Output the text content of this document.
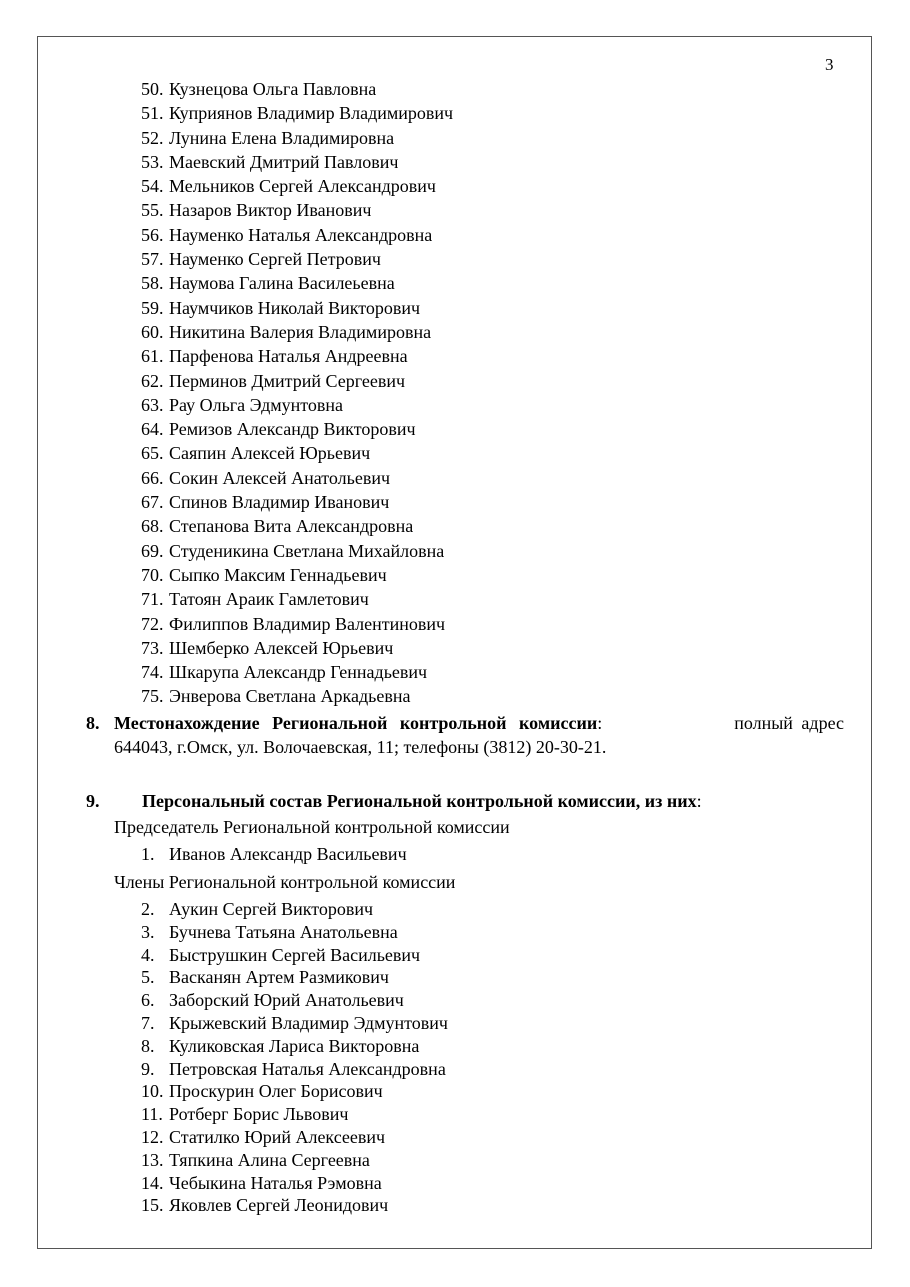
3
50. Кузнецова Ольга Павловна
51. Куприянов Владимир Владимирович
52. Лунина Елена Владимировна
53. Маевский Дмитрий Павлович
54. Мельников Сергей Александрович
55. Назаров Виктор Иванович
56. Науменко Наталья Александровна
57. Науменко Сергей Петрович
58. Наумова Галина Василеьевна
59. Наумчиков Николай Викторович
60. Никитина Валерия Владимировна
61. Парфенова Наталья Андреевна
62. Перминов Дмитрий Сергеевич
63. Рау Ольга Эдмунтовна
64. Ремизов Александр Викторович
65. Саяпин Алексей Юрьевич
66. Сокин Алексей Анатольевич
67. Спинов Владимир Иванович
68. Степанова Вита Александровна
69. Студеникина Светлана Михайловна
70. Сыпко Максим Геннадьевич
71. Татоян Араик Гамлетович
72. Филиппов Владимир Валентинович
73. Шемберко Алексей Юрьевич
74. Шкарупа Александр Геннадьевич
75. Энверова Светлана Аркадьевна
8. Местонахождение Региональной контрольной комиссии:	полный адрес
644043, г.Омск, ул. Волочаевская, 11; телефоны (3812) 20-30-21.
9. Персональный состав Региональной контрольной комиссии, из них:
Председатель Региональной контрольной комиссии
1. Иванов Александр Васильевич
Члены Региональной контрольной комиссии
2. Аукин Сергей Викторович
3. Бучнева Татьяна Анатольевна
4. Быструшкин Сергей Васильевич
5. Васканян Артем Размикович
6. Заборский Юрий Анатольевич
7. Крыжевский Владимир Эдмунтович
8. Куликовская Лариса Викторовна
9. Петровская Наталья Александровна
10. Проскурин Олег Борисович
11. Ротберг Борис Львович
12. Статилко Юрий Алексеевич
13. Тяпкина Алина Сергеевна
14. Чебыкина Наталья Рэмовна
15. Яковлев Сергей Леонидович
